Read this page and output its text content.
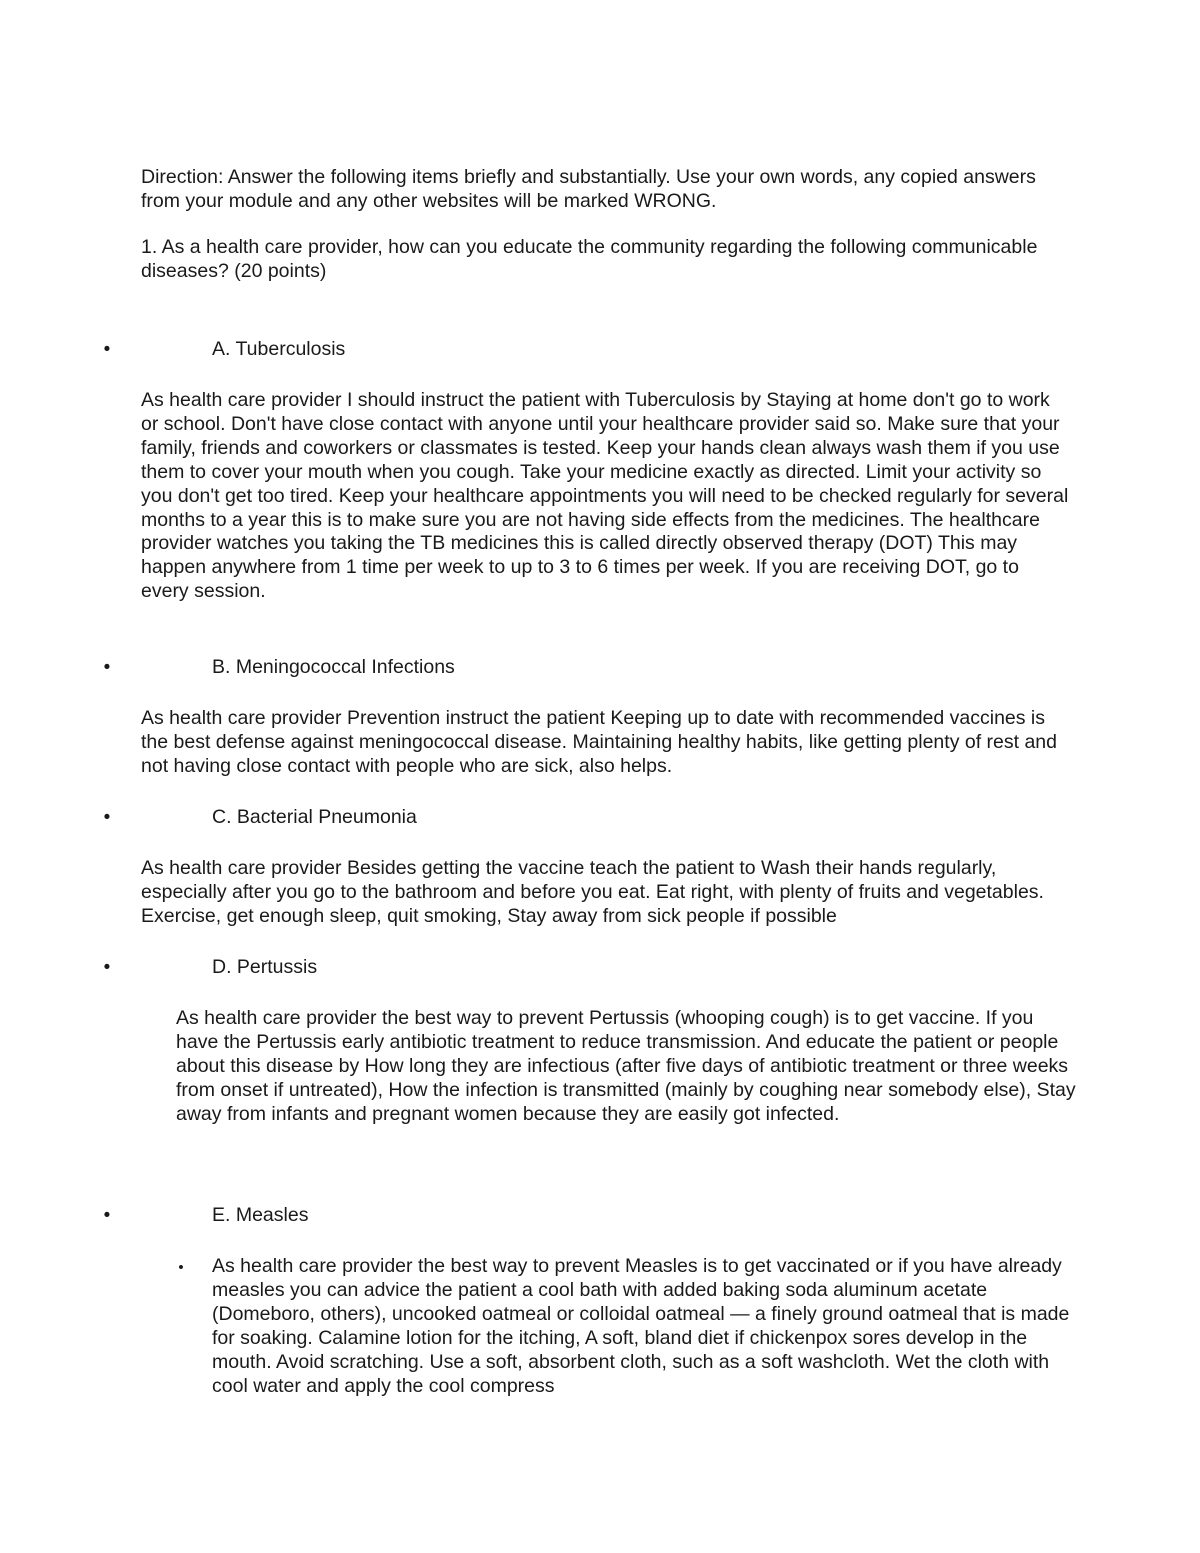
Direction: Answer the following items briefly and substantially. Use your own words, any copied answers from your module and any other websites will be marked WRONG.

1. As a health care provider, how can you educate the community regarding the following communicable diseases? (20 points)

•	A. Tuberculosis

As health care provider I should instruct the patient with Tuberculosis by Staying at home don't go to work or school. Don't have close contact with anyone until your healthcare provider said so. Make sure that your family, friends and coworkers or classmates is tested. Keep your hands clean always wash them if you use them to cover your mouth when you cough. Take your medicine exactly as directed. Limit your activity so you don't get too tired. Keep your healthcare appointments you will need to be checked regularly for several months to a year this is to make sure you are not having side effects from the medicines. The healthcare provider watches you taking the TB medicines this is called directly observed therapy (DOT) This may happen anywhere from 1 time per week to up to 3 to 6 times per week. If you are receiving DOT, go to every session.

•	B. Meningococcal Infections

As health care provider Prevention instruct the patient Keeping up to date with recommended vaccines is the best defense against meningococcal disease. Maintaining healthy habits, like getting plenty of rest and not having close contact with people who are sick, also helps.

•	C. Bacterial Pneumonia

As health care provider Besides getting the vaccine teach the patient to Wash their hands regularly, especially after you go to the bathroom and before you eat. Eat right, with plenty of fruits and vegetables. Exercise, get enough sleep, quit smoking, Stay away from sick people if possible

•	D. Pertussis

As health care provider the best way to prevent Pertussis (whooping cough) is to get vaccine. If you have the Pertussis early antibiotic treatment to reduce transmission. And educate the patient or people about this disease by How long they are infectious (after five days of antibiotic treatment or three weeks from onset if untreated), How the infection is transmitted (mainly by coughing near somebody else), Stay away from infants and pregnant women because they are easily got infected.

•	E. Measles
• As health care provider the best way to prevent Measles is to get vaccinated or if you have already measles you can advice the patient a cool bath with added baking soda aluminum acetate (Domeboro, others), uncooked oatmeal or colloidal oatmeal — a finely ground oatmeal that is made for soaking. Calamine lotion for the itching, A soft, bland diet if chickenpox sores develop in the mouth. Avoid scratching. Use a soft, absorbent cloth, such as a soft washcloth. Wet the cloth with cool water and apply the cool compress
